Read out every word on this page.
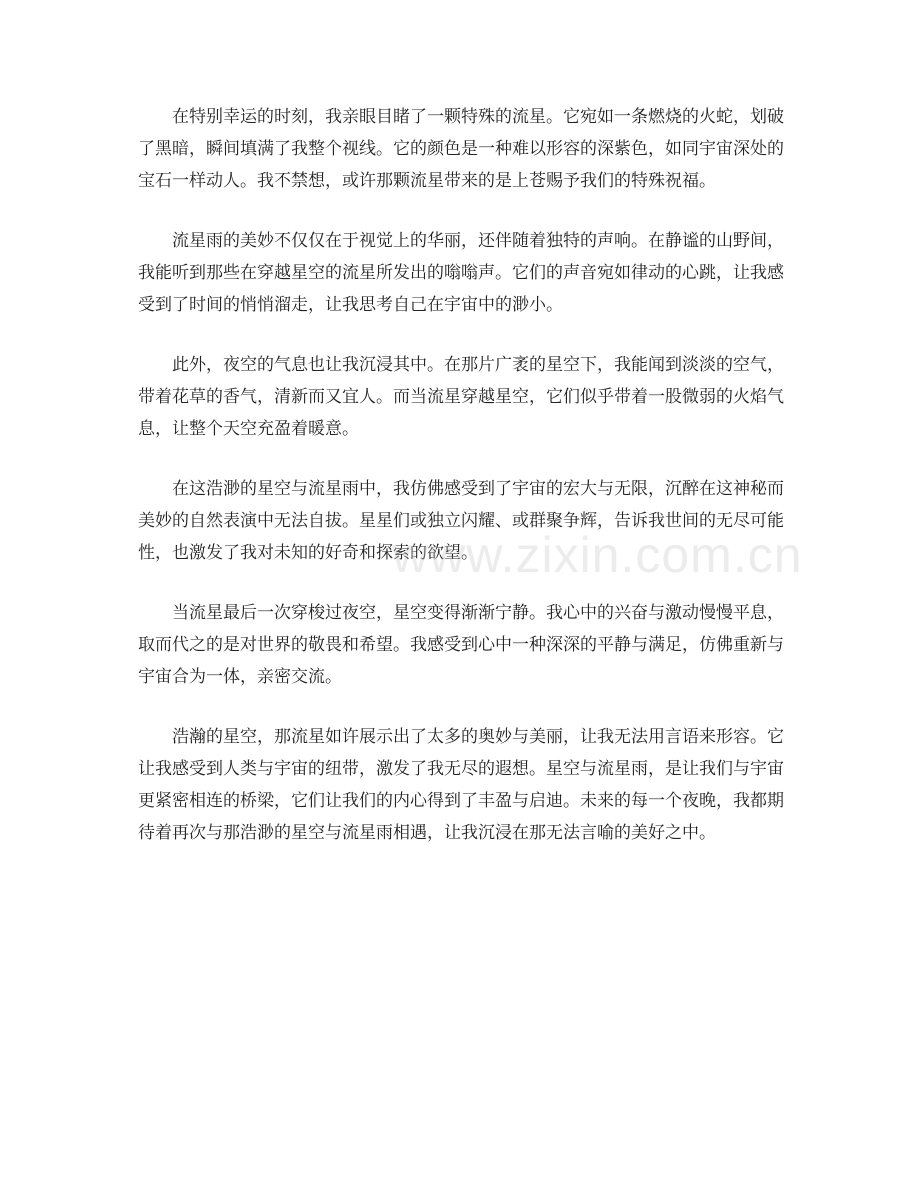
在特别幸运的时刻，我亲眼目睹了一颗特殊的流星。它宛如一条燃烧的火蛇，划破了黑暗，瞬间填满了我整个视线。它的颜色是一种难以形容的深紫色，如同宇宙深处的宝石一样动人。我不禁想，或许那颗流星带来的是上苍赐予我们的特殊祝福。

流星雨的美妙不仅仅在于视觉上的华丽，还伴随着独特的声响。在静谧的山野间，我能听到那些在穿越星空的流星所发出的嗡嗡声。它们的声音宛如律动的心跳，让我感受到了时间的悄悄溜走，让我思考自己在宇宙中的渺小。

此外，夜空的气息也让我沉浸其中。在那片广袤的星空下，我能闻到淡淡的空气，带着花草的香气，清新而又宜人。而当流星穿越星空，它们似乎带着一股微弱的火焰气息，让整个天空充盈着暖意。

在这浩渺的星空与流星雨中，我仿佛感受到了宇宙的宏大与无限，沉醉在这神秘而美妙的自然表演中无法自拔。星星们或独立闪耀、或群聚争辉，告诉我世间的无尽可能性，也激发了我对未知的好奇和探索的欲望。

当流星最后一次穿梭过夜空，星空变得渐渐宁静。我心中的兴奋与激动慢慢平息，取而代之的是对世界的敬畏和希望。我感受到心中一种深深的平静与满足，仿佛重新与宇宙合为一体，亲密交流。

浩瀚的星空，那流星如许展示出了太多的奥妙与美丽，让我无法用言语来形容。它让我感受到人类与宇宙的纽带，激发了我无尽的遐想。星空与流星雨，是让我们与宇宙更紧密相连的桥梁，它们让我们的内心得到了丰盈与启迪。未来的每一个夜晚，我都期待着再次与那浩渺的星空与流星雨相遇，让我沉浸在那无法言喻的美好之中。

www.zixin.com.cn
